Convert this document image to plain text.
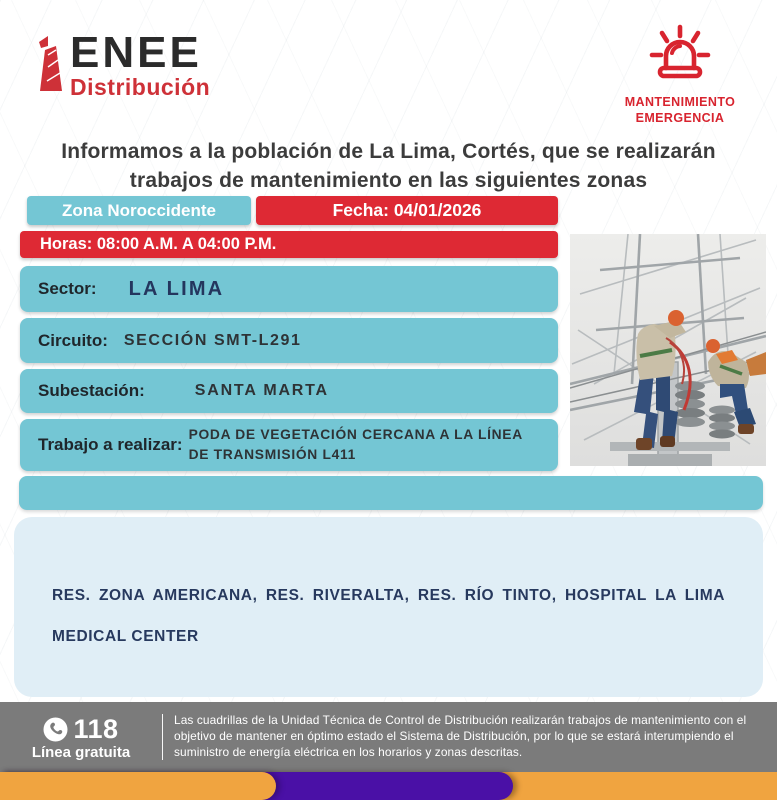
ENEE
Distribución
MANTENIMIENTO
EMERGENCIA
Informamos a la población de La Lima, Cortés, que se realizarán trabajos de mantenimiento en las siguientes zonas
Zona Noroccidente	Fecha: 04/01/2026
Horas: 08:00 A.M. A 04:00 P.M.
Sector: LA LIMA
Circuito: SECCIÓN SMT-L291
Subestación:	SANTA MARTA
Trabajo a realizar:
PODA DE VEGETACIÓN CERCANA A LA LÍNEA DE TRANSMISIÓN L411
RES. ZONA AMERICANA, RES. RIVERALTA, RES. RÍO TINTO, HOSPITAL LA LIMA MEDICAL CENTER
118
Línea gratuita
Las cuadrillas de la Unidad Técnica de Control de Distribución realizarán trabajos de mantenimiento con el objetivo de mantener en óptimo estado el Sistema de Distribución, por lo que se estará interumpiendo el suministro de energía eléctrica en los horarios y zonas descritas.
